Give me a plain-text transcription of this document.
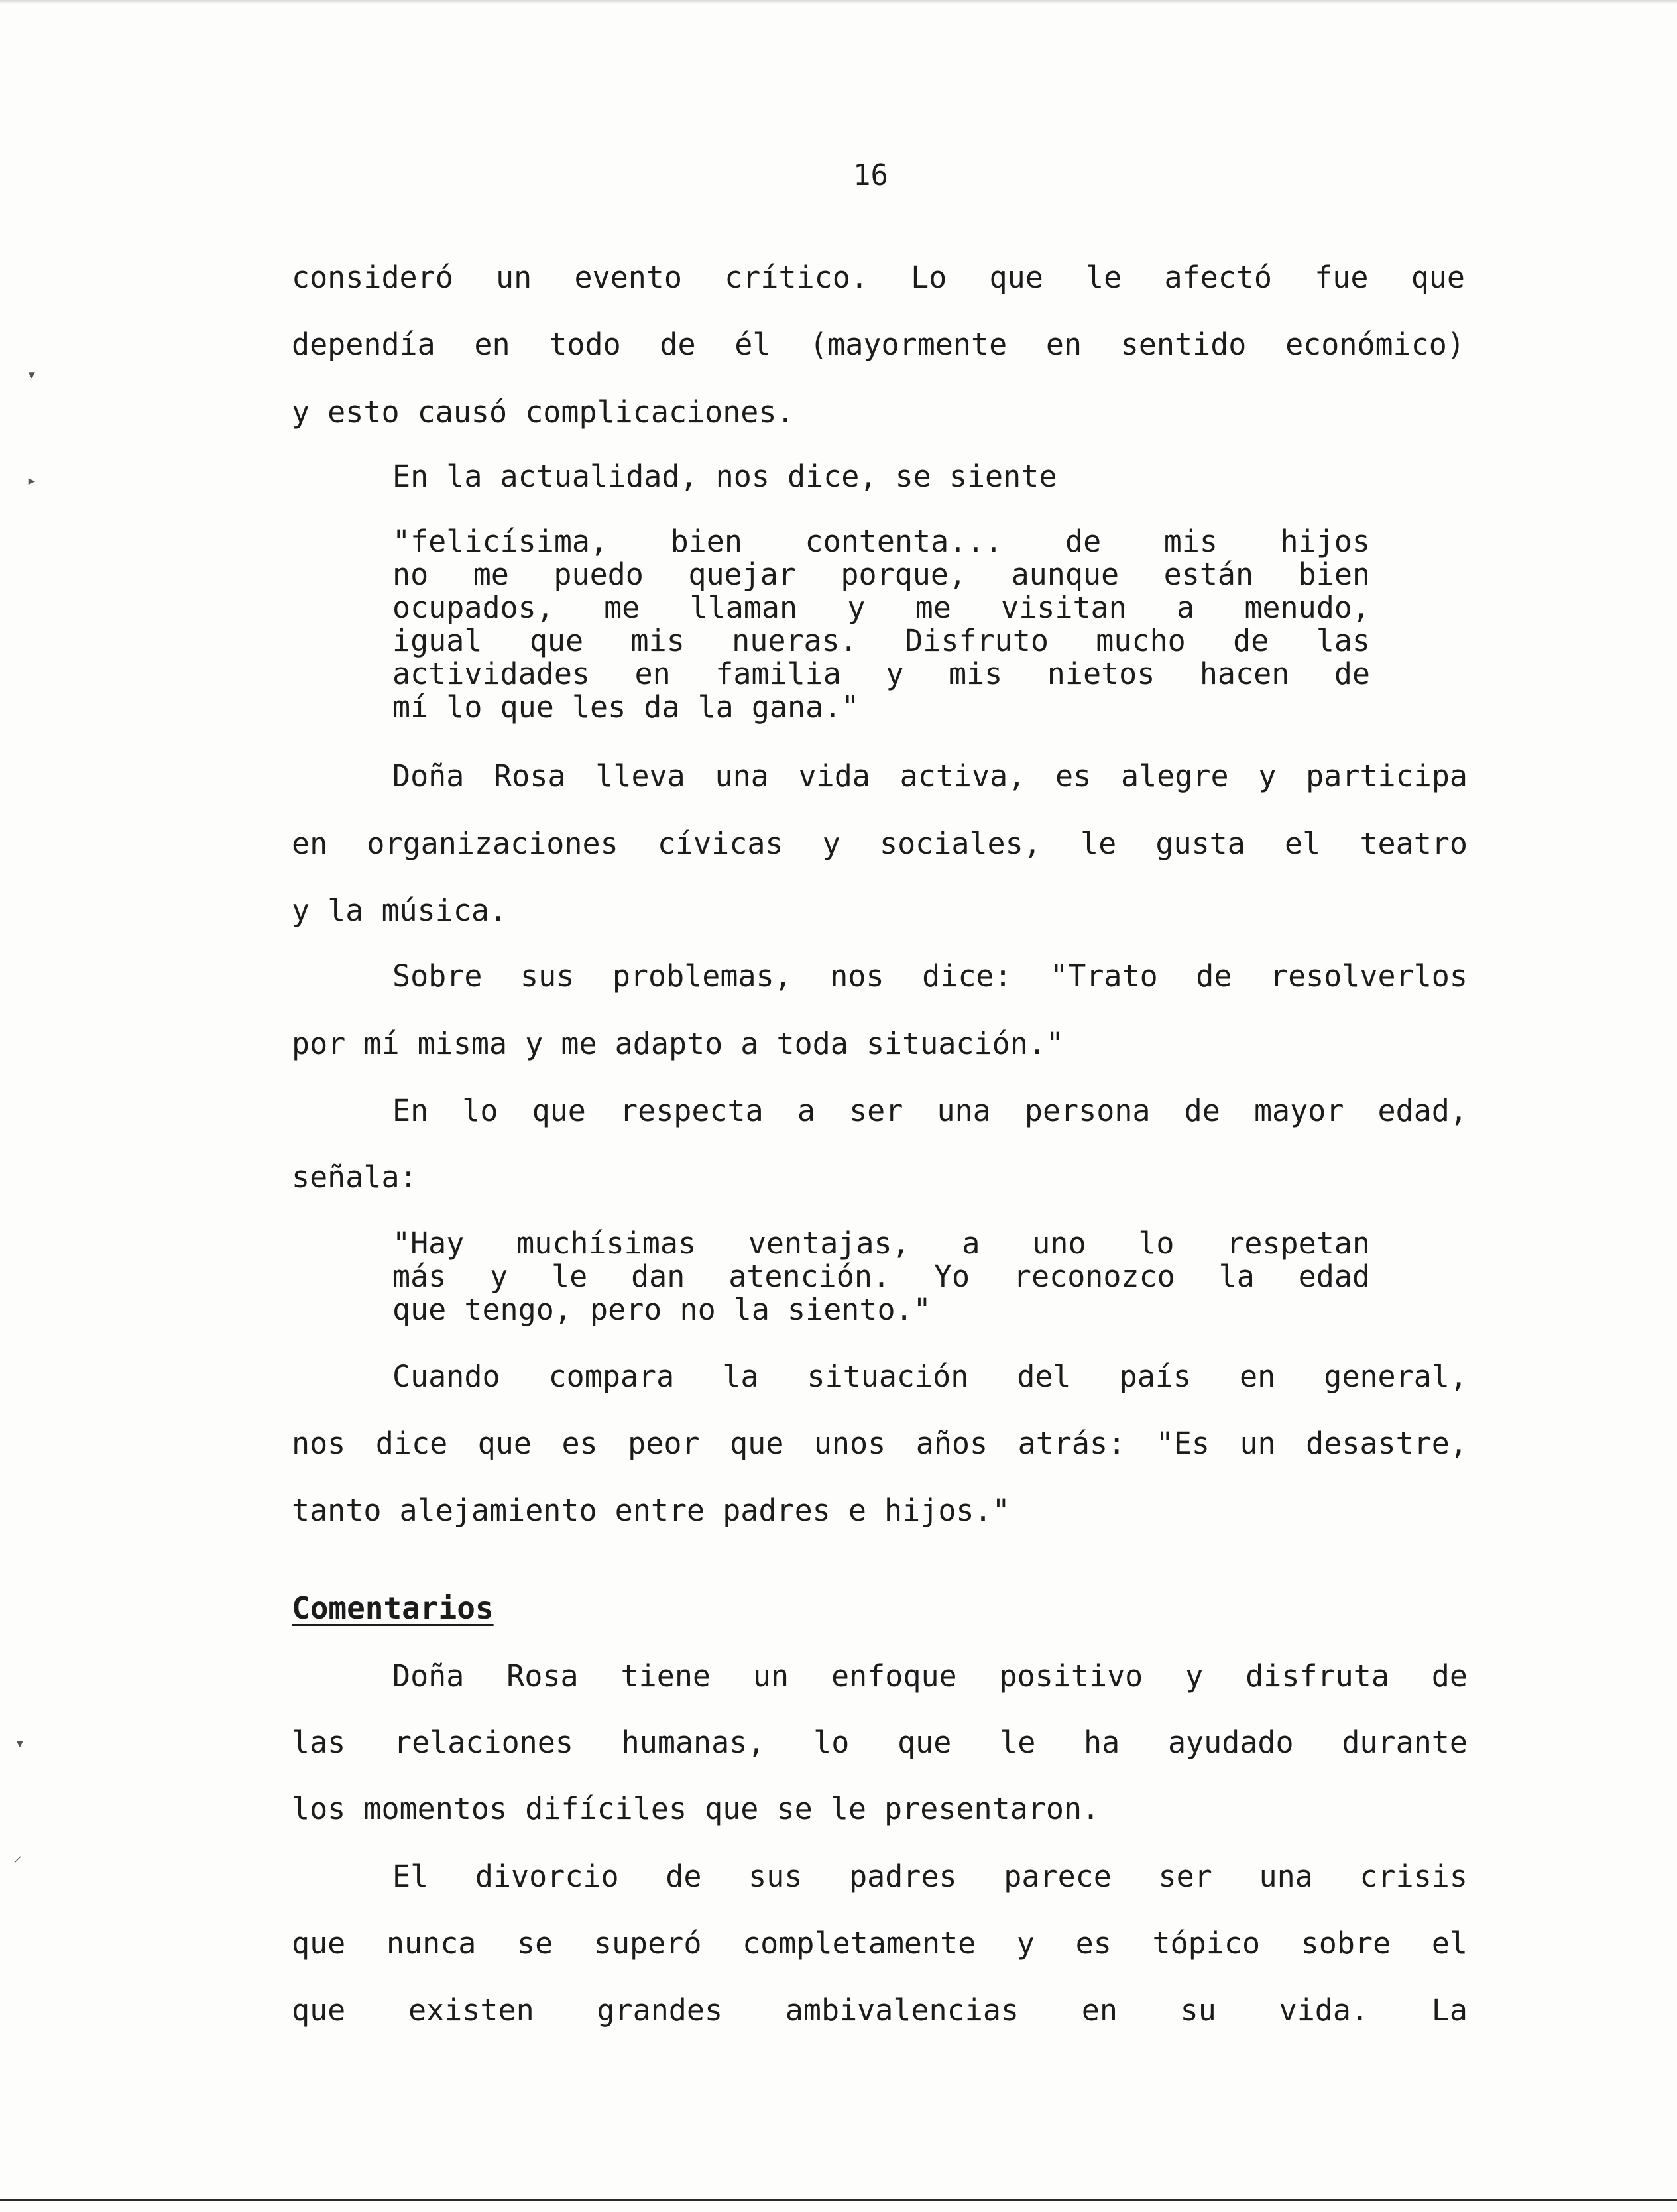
16
consideró un evento crítico. Lo que le afectó fue que
dependía en todo de él (mayormente en sentido económico)
y esto causó complicaciones.
En la actualidad, nos dice, se siente
"felicísima, bien contenta... de mis hijos
no me puedo quejar porque, aunque están bien
ocupados, me llaman y me visitan a menudo,
igual que mis nueras. Disfruto mucho de las
actividades en familia y mis nietos hacen de
mí lo que les da la gana."
Doña Rosa lleva una vida activa, es alegre y participa
en organizaciones cívicas y sociales, le gusta el teatro
y la música.
Sobre sus problemas, nos dice: "Trato de resolverlos
por mí misma y me adapto a toda situación."
En lo que respecta a ser una persona de mayor edad,
señala:
"Hay muchísimas ventajas, a uno lo respetan
más y le dan atención. Yo reconozco la edad
que tengo, pero no la siento."
Cuando compara la situación del país en general,
nos dice que es peor que unos años atrás: "Es un desastre,
tanto alejamiento entre padres e hijos."
Comentarios
Doña Rosa tiene un enfoque positivo y disfruta de
las relaciones humanas, lo que le ha ayudado durante
los momentos difíciles que se le presentaron.
El divorcio de sus padres parece ser una crisis
que nunca se superó completamente y es tópico sobre el
que existen grandes ambivalencias en su vida. La
▾
▸
▾
⸝
